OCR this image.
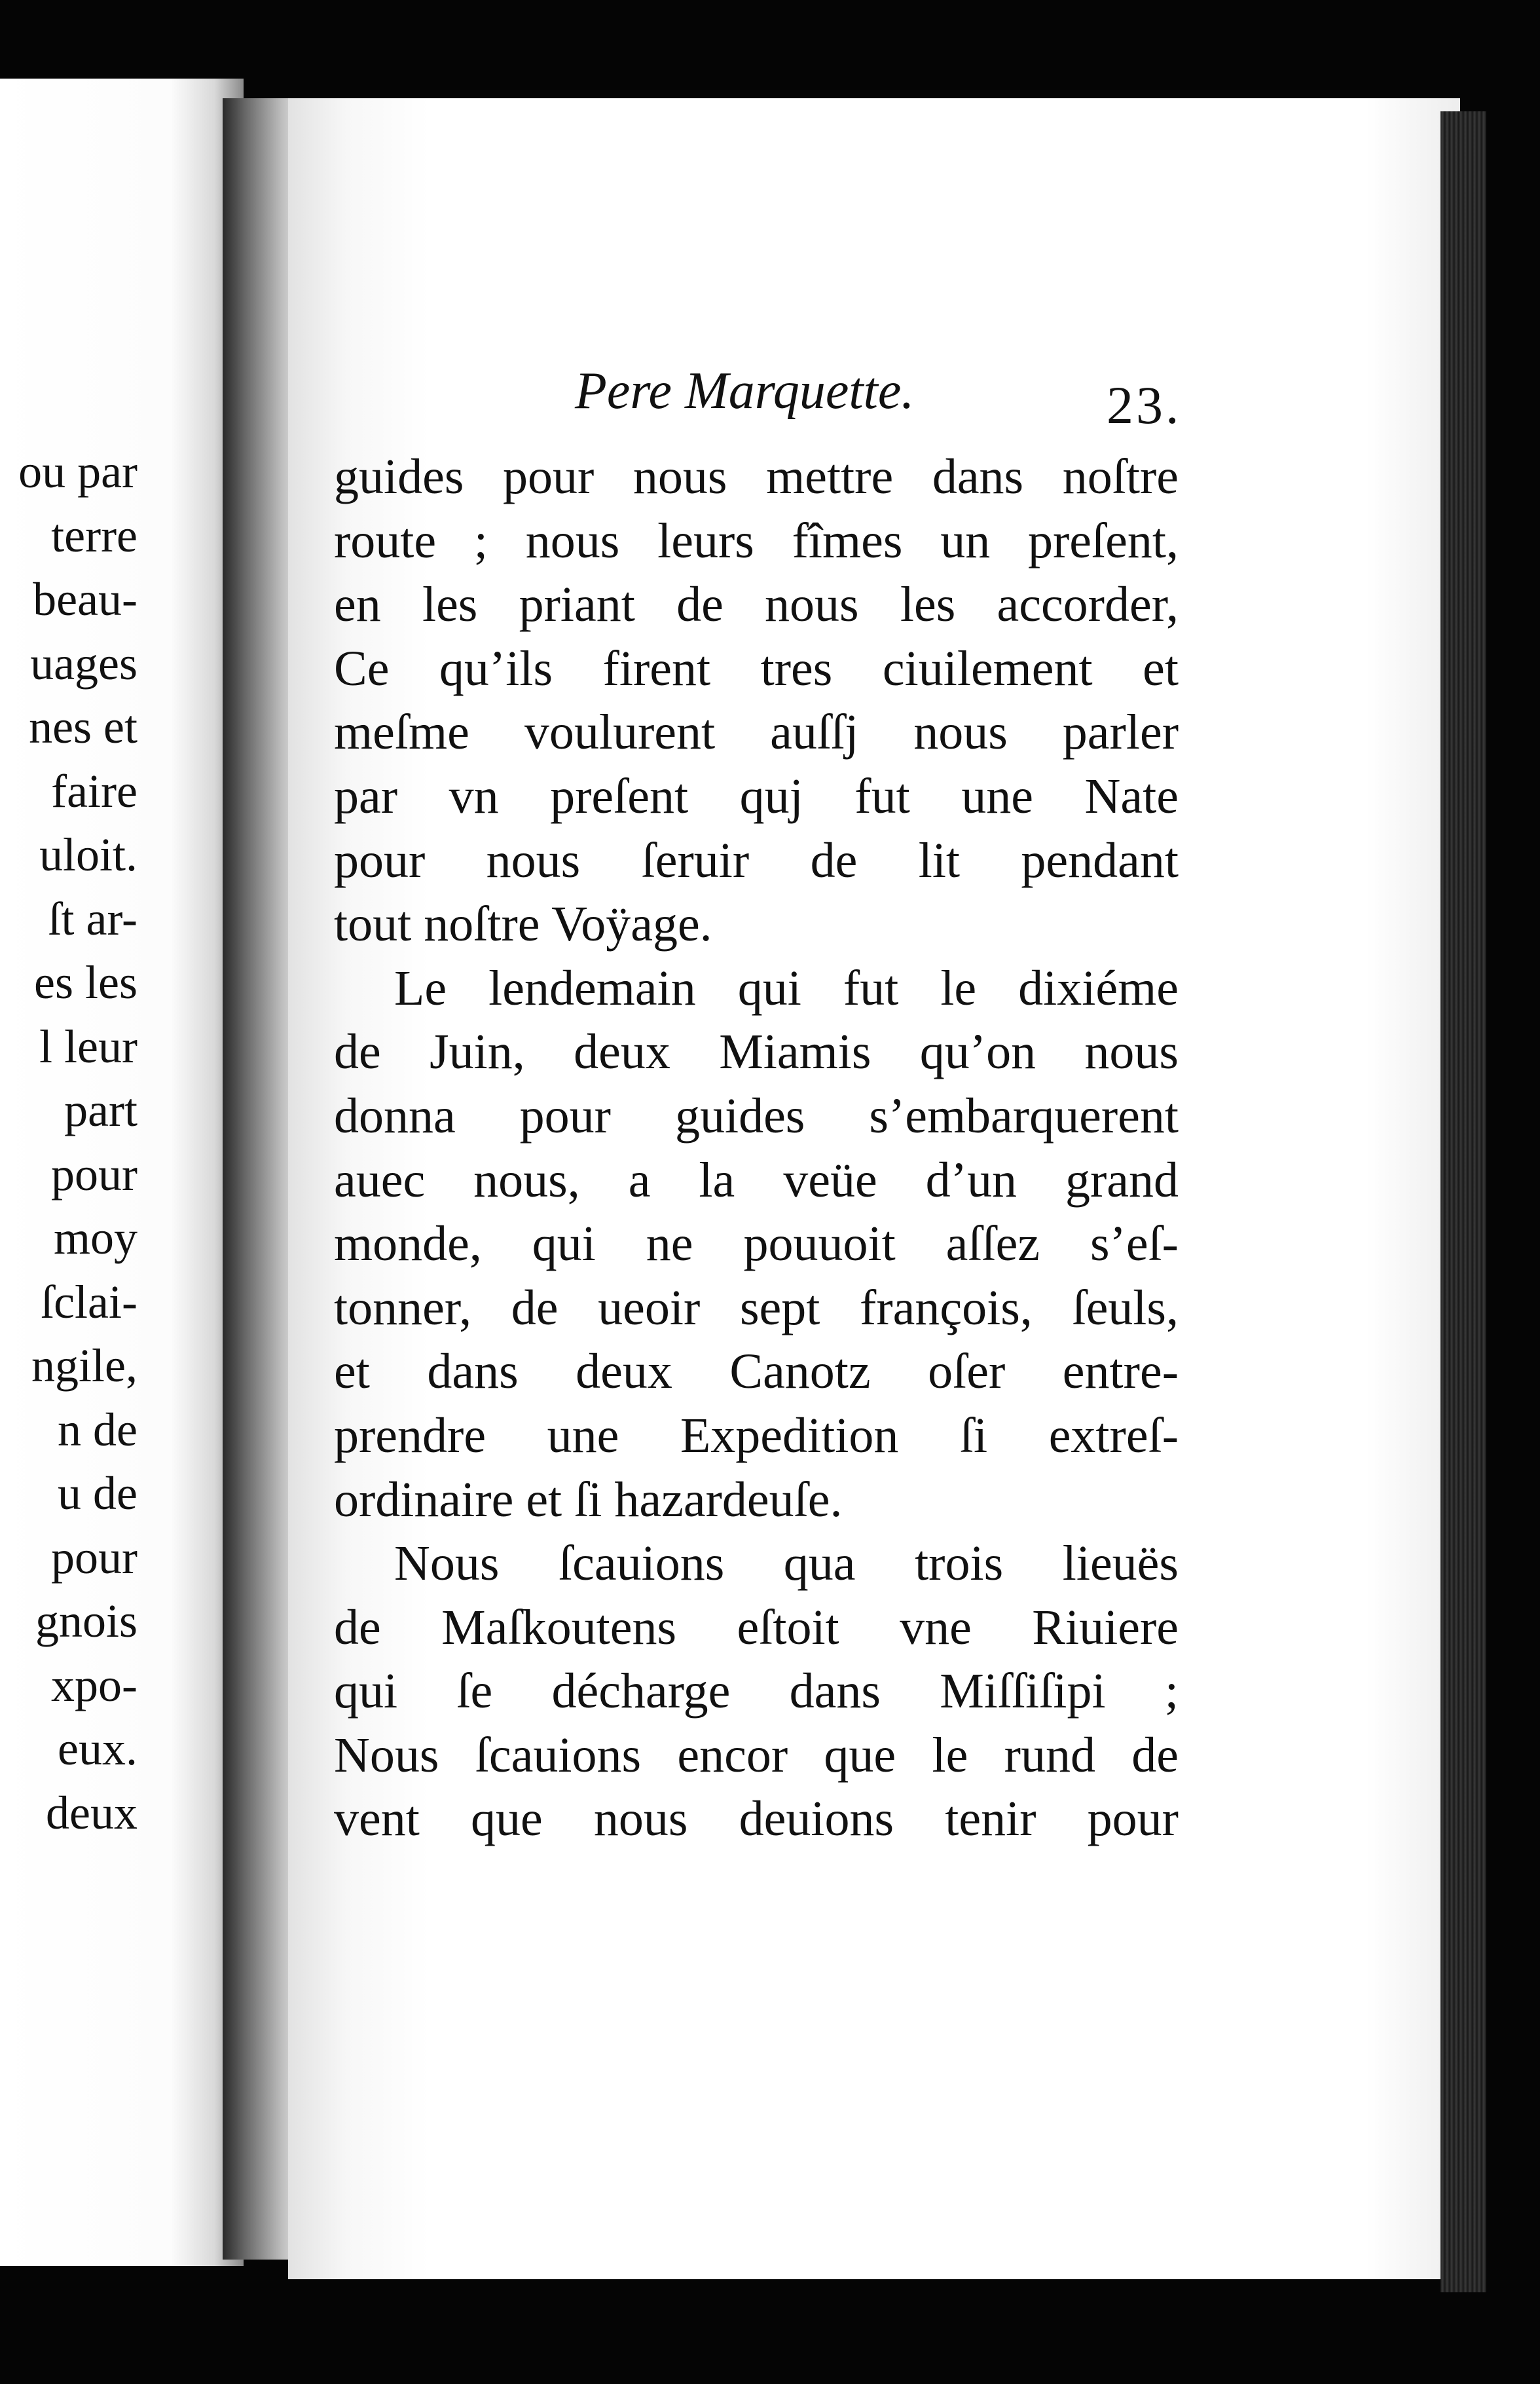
ou par
terre
beau-
uages
nes et
faire
uloit.
ſt ar-
es les
l leur
part
pour
moy
ſclai-
ngile,
n de
u de
pour
gnois
xpo-
eux.
deux
Pere Marquette.	23.
guides pour nous mettre dans noſtre
route ; nous leurs fîmes un preſent,
en les priant de nous les accorder,
Ce qu’ils firent tres ciuilement et
meſme voulurent auſſj nous parler
par vn preſent quj fut une Nate
pour nous ſeruir de lit pendant
tout noſtre Voÿage.
Le lendemain qui fut le dixiéme
de Juin, deux Miamis qu’on nous
donna pour guides s’embarquerent
auec nous, a la veüe d’un grand
monde, qui ne pouuoit aſſez s’eſ-
tonner, de ueoir sept françois, ſeuls,
et dans deux Canotz oſer entre-
prendre une Expedition ſi extreſ-
ordinaire et ſi hazardeuſe.
Nous ſcauions qua trois lieuës
de Maſkoutens eſtoit vne Riuiere
qui ſe décharge dans Miſſiſipi ;
Nous ſcauions encor que le rund de
vent que nous deuions tenir pour
